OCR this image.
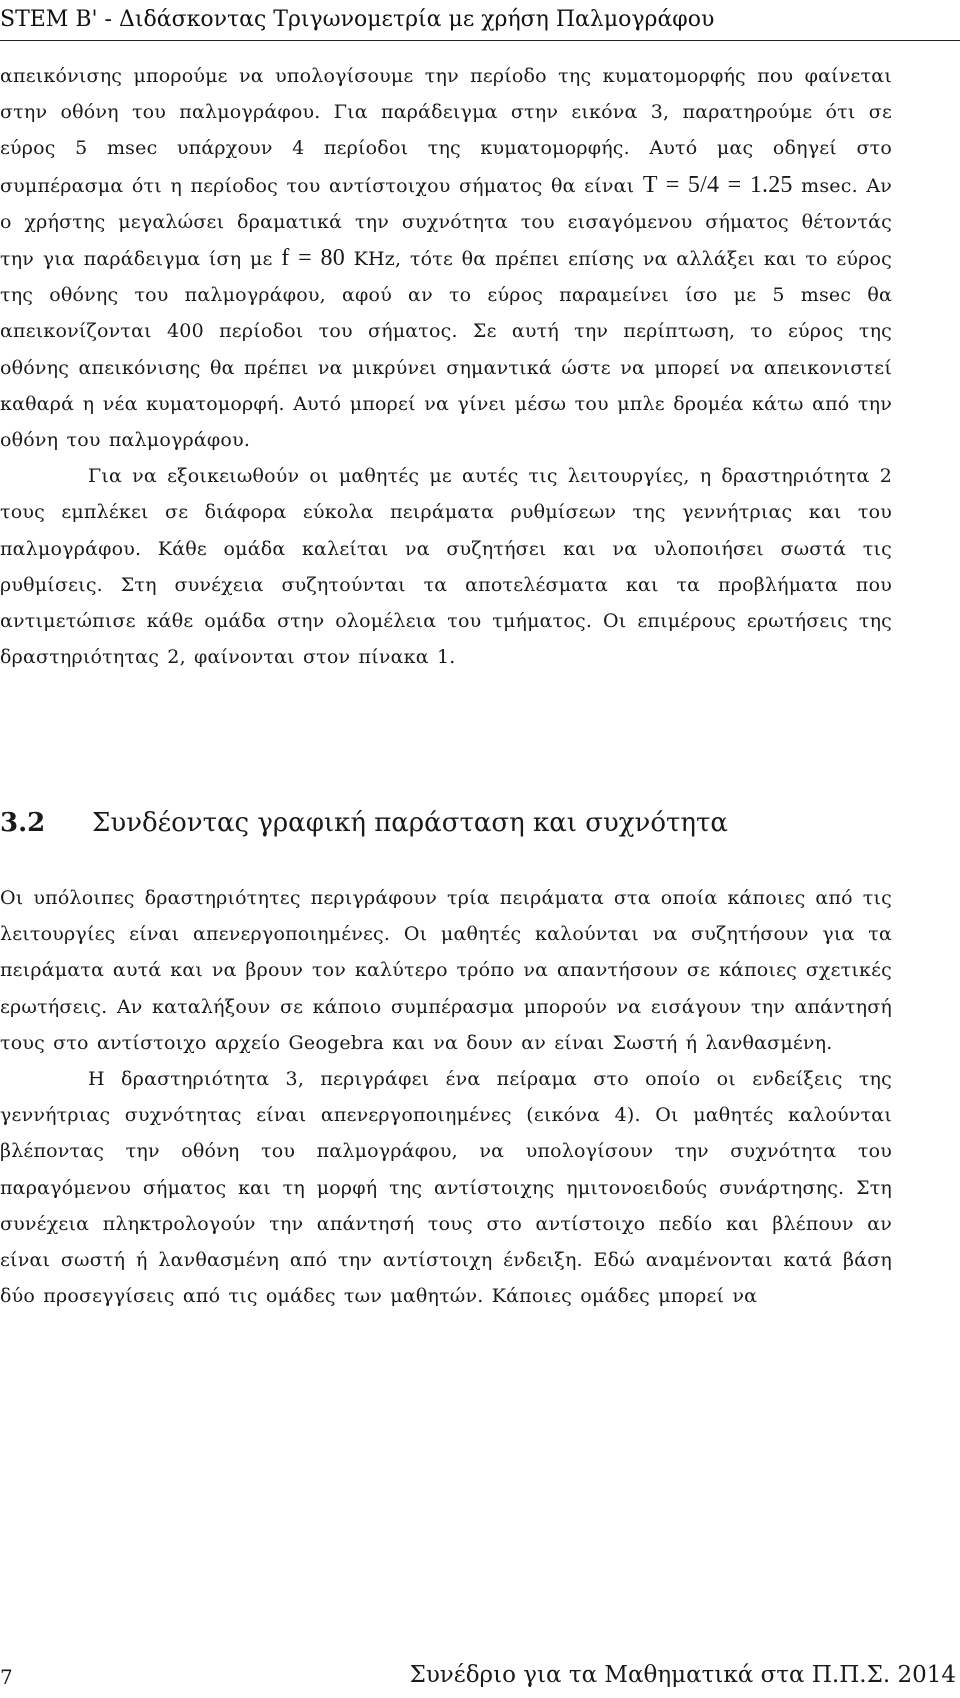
STEM B' - Διδάσκοντας Τριγωνομετρία με χρήση Παλμογράφου

απεικόνισης μπορούμε να υπολογίσουμε την περίοδο της κυματομορφής που φαίνεται στην οθόνη του παλμογράφου. Για παράδειγμα στην εικόνα 3, παρατηρούμε ότι σε εύρος 5 msec υπάρχουν 4 περίοδοι της κυματομορφής. Αυτό μας οδηγεί στο συμπέρασμα ότι η περίοδος του αντίστοιχου σήματος θα είναι T = 5/4 = 1.25 msec. Αν ο χρήστης μεγαλώσει δραματικά την συχνότητα του εισαγόμενου σήματος θέτοντάς την για παράδειγμα ίση με f = 80 KHz, τότε θα πρέπει επίσης να αλλάξει και το εύρος της οθόνης του παλμογράφου, αφού αν το εύρος παραμείνει ίσο με 5 msec θα απεικονίζονται 400 περίοδοι του σήματος. Σε αυτή την περίπτωση, το εύρος της οθόνης απεικόνισης θα πρέπει να μικρύνει σημαντικά ώστε να μπορεί να απεικονιστεί καθαρά η νέα κυματομορφή. Αυτό μπορεί να γίνει μέσω του μπλε δρομέα κάτω από την οθόνη του παλμογράφου.

Για να εξοικειωθούν οι μαθητές με αυτές τις λειτουργίες, η δραστηριότητα 2 τους εμπλέκει σε διάφορα εύκολα πειράματα ρυθμίσεων της γεννήτριας και του παλμογράφου. Κάθε ομάδα καλείται να συζητήσει και να υλοποιήσει σωστά τις ρυθμίσεις. Στη συνέχεια συζητούνται τα αποτελέσματα και τα προβλήματα που αντιμετώπισε κάθε ομάδα στην ολομέλεια του τμήματος. Οι επιμέρους ερωτήσεις της δραστηριότητας 2, φαίνονται στον πίνακα 1.

3.2 Συνδέοντας γραφική παράσταση και συχνότητα

Οι υπόλοιπες δραστηριότητες περιγράφουν τρία πειράματα στα οποία κάποιες από τις λειτουργίες είναι απενεργοποιημένες. Οι μαθητές καλούνται να συζητήσουν για τα πειράματα αυτά και να βρουν τον καλύτερο τρόπο να απαντήσουν σε κάποιες σχετικές ερωτήσεις. Αν καταλήξουν σε κάποιο συμπέρασμα μπορούν να εισάγουν την απάντησή τους στο αντίστοιχο αρχείο Geogebra και να δουν αν είναι Σωστή ή λανθασμένη.

Η δραστηριότητα 3, περιγράφει ένα πείραμα στο οποίο οι ενδείξεις της γεννήτριας συχνότητας είναι απενεργοποιημένες (εικόνα 4). Οι μαθητές καλούνται βλέποντας την οθόνη του παλμογράφου, να υπολογίσουν την συχνότητα του παραγόμενου σήματος και τη μορφή της αντίστοιχης ημιτονοειδούς συνάρτησης. Στη συνέχεια πληκτρολογούν την απάντησή τους στο αντίστοιχο πεδίο και βλέπουν αν είναι σωστή ή λανθασμένη από την αντίστοιχη ένδειξη. Εδώ αναμένονται κατά βάση δύο προσεγγίσεις από τις ομάδες των μαθητών. Κάποιες ομάδες μπορεί να

7	Συνέδριο για τα Μαθηματικά στα Π.Π.Σ. 2014
